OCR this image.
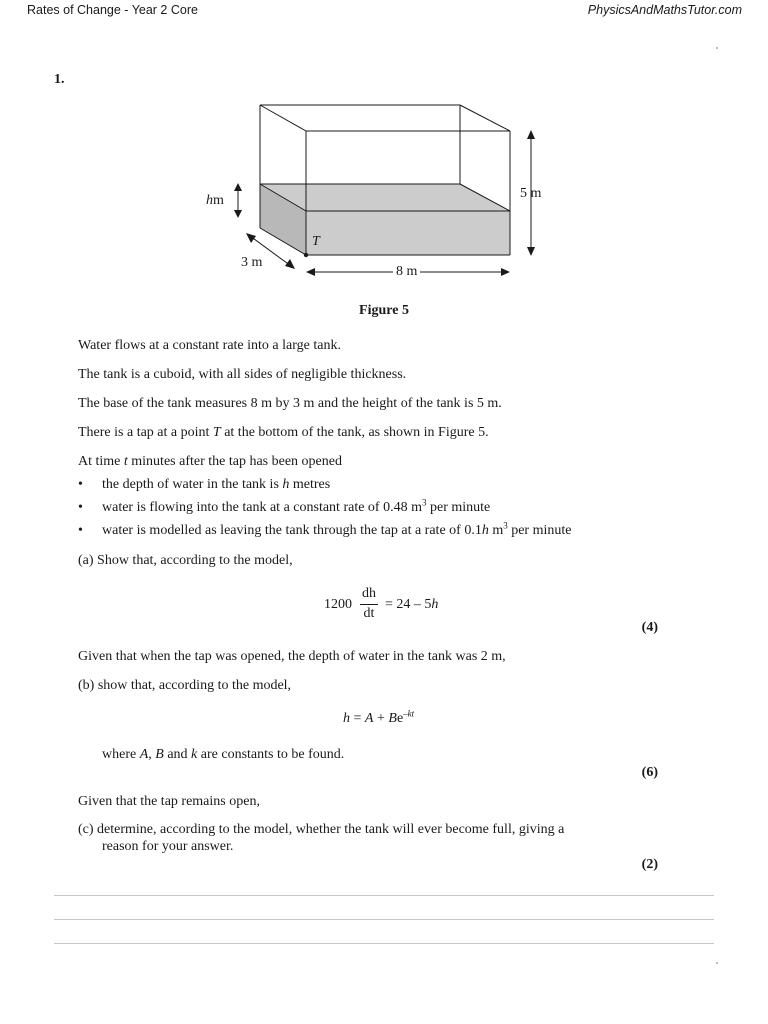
Rates of Change - Year 2 Core	PhysicsAndMathsTutor.com
1.
hm
T
5 m
3 m
8 m
Figure 5
Water flows at a constant rate into a large tank.
The tank is a cuboid, with all sides of negligible thickness.
The base of the tank measures 8 m by 3 m and the height of the tank is 5 m.
There is a tap at a point T at the bottom of the tank, as shown in Figure 5.
At time t minutes after the tap has been opened
• the depth of water in the tank is h metres
• water is flowing into the tank at a constant rate of 0.48 $m^3$ per minute
• water is modelled as leaving the tank through the tap at a rate of 0.1h $m^3$ per minute
(a) Show that, according to the model,
1200
dh
dt
= 24 – 5h
(4)
Given that when the tap was opened, the depth of water in the tank was 2 m,
(b) show that, according to the model,
$h = A + Be^{-kt}$
where A, B and k are constants to be found.
(6)
Given that the tap remains open,
(c) determine, according to the model, whether the tank will ever become full, giving a
reason for your answer.
(2)
